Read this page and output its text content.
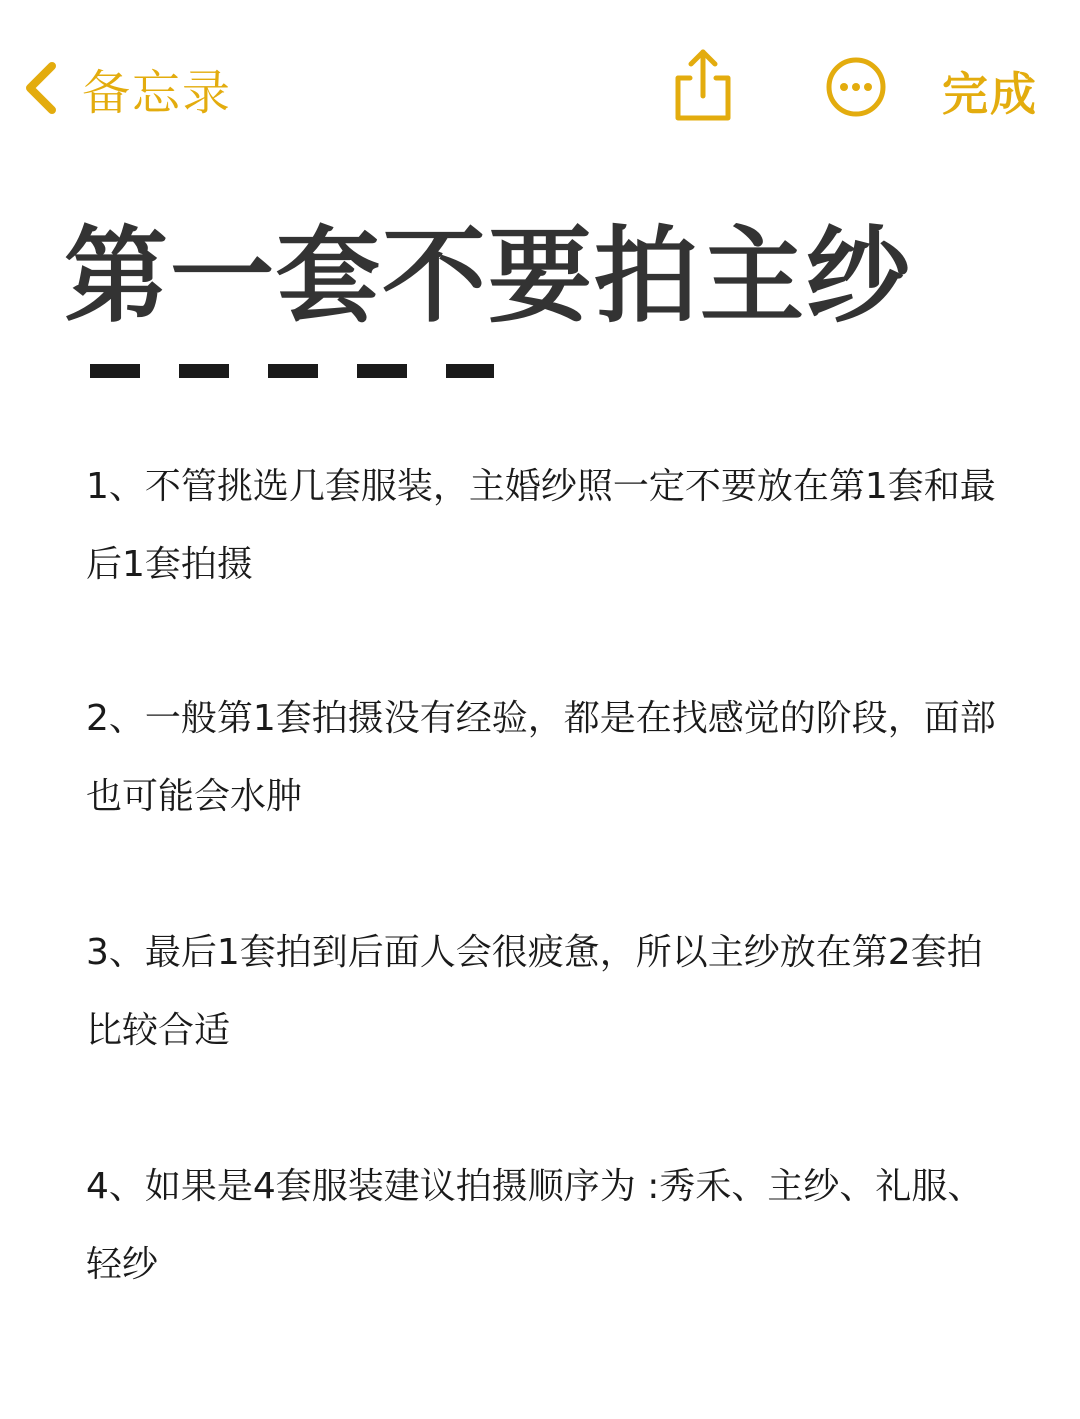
备忘录	完成
第一套不要拍主纱
1、不管挑选几套服装，主婚纱照一定不要放在第1套和最后1套拍摄
2、一般第1套拍摄没有经验，都是在找感觉的阶段，面部也可能会水肿
3、最后1套拍到后面人会很疲惫，所以主纱放在第2套拍比较合适
4、如果是4套服装建议拍摄顺序为 :秀禾、主纱、礼服、轻纱
